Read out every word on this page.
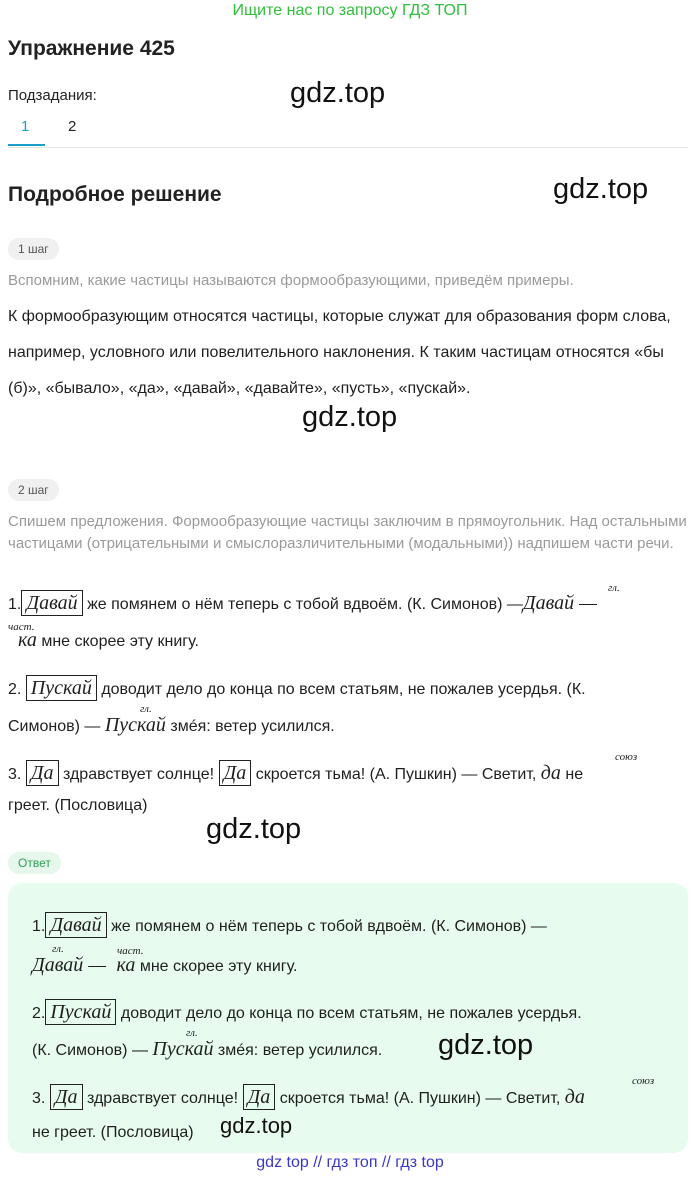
Ищите нас по запросу ГДЗ ТОП
Упражнение 425
Подзадания:	gdz.top
1	2
Подробное решение	gdz.top
1 шаг
Вспомним, какие частицы называются формообразующими, приведём примеры.
К формообразующим относятся частицы, которые служат для образования форм слова, например, условного или повелительного наклонения. К таким частицам относятся «бы (б)», «бывало», «да», «давай», «давайте», «пусть», «пускай».
gdz.top
2 шаг
Спишем предложения. Формообразующие частицы заключим в прямоугольник. Над остальными частицами (отрицательными и смыслоразличительными (модальными)) надпишем части речи.
1. Давай же помянем о нём теперь с тобой вдвоём. (К. Симонов) —Давай —
гл.
част.
ка мне скорее эту книгу.
2. Пускай доводит дело до конца по всем статьям, не пожалев усердья. (К.
гл.
Симонов) — Пускай змéя: ветер усилился.
союз
3. Да здравствует солнце! Да скроется тьма! (А. Пушкин) — Светит, да не
греет. (Пословица)
gdz.top
Ответ
1. Давай же помянем о нём теперь с тобой вдвоём. (К. Симонов) —
гл.	част.
Давай — ка мне скорее эту книгу.
2. Пускай доводит дело до конца по всем статьям, не пожалев усердья.
гл.
(К. Симонов) — Пускай змéя: ветер усилился.	gdz.top
союз
3. Да здравствует солнце! Да скроется тьма! (А. Пушкин) — Светит, да
не греет. (Пословица)	gdz.top
gdz top // гдз топ // гдз top
